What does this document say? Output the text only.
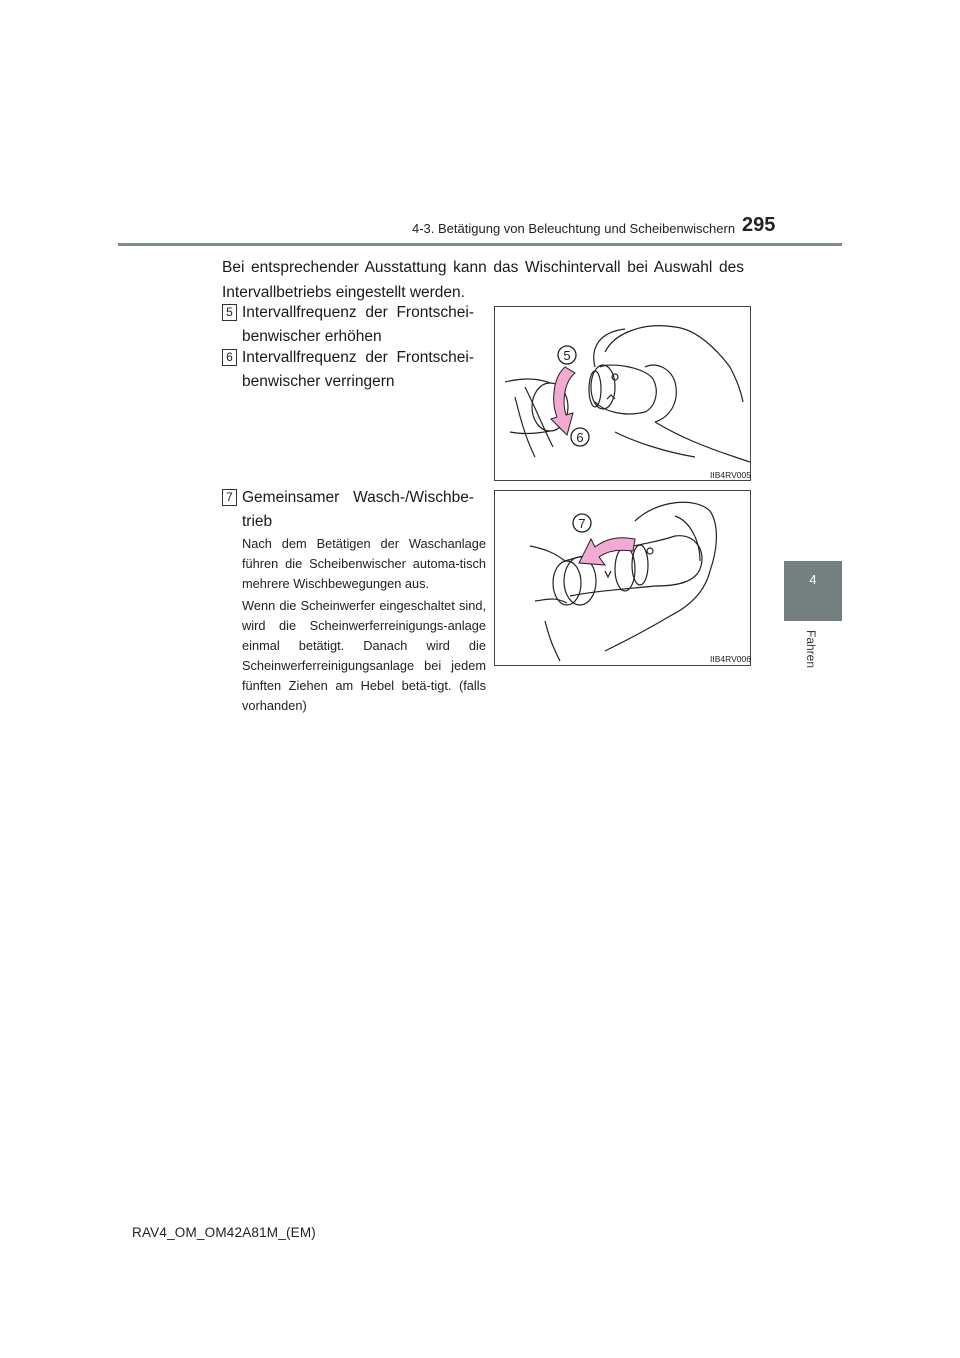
4-3. Betätigung von Beleuchtung und Scheibenwischern 295
4
Fahren
Bei entsprechender Ausstattung kann das Wischintervall bei Auswahl des Intervallbetriebs eingestellt werden.
5 Intervallfrequenz der Frontschei-benwischer erhöhen
6 Intervallfrequenz der Frontschei-benwischer verringern
7 Gemeinsamer Wasch-/Wischbe-trieb
Nach dem Betätigen der Waschanlage führen die Scheibenwischer automa-tisch mehrere Wischbewegungen aus.
Wenn die Scheinwerfer eingeschaltet sind, wird die Scheinwerferreinigungs-anlage einmal betätigt. Danach wird die Scheinwerferreinigungsanlage bei jedem fünften Ziehen am Hebel betä-tigt. (falls vorhanden)
5
6
IIB4RV005
7
IIB4RV006
RAV4_OM_OM42A81M_(EM)
